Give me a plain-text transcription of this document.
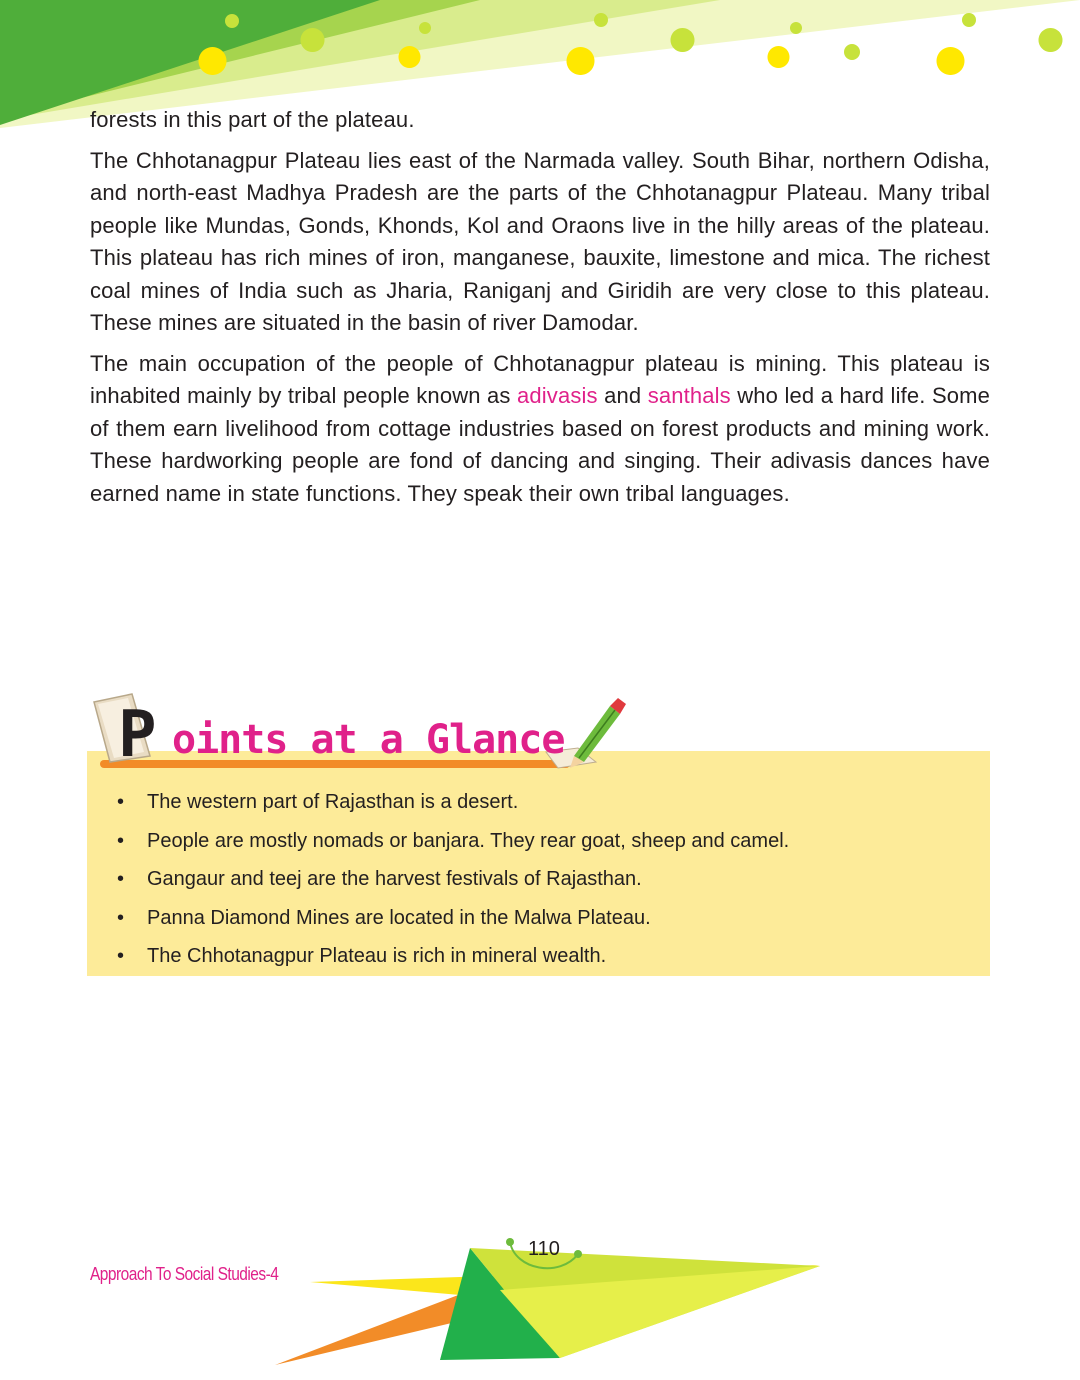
forests in this part of the plateau.

The Chhotanagpur Plateau lies east of the Narmada valley. South Bihar, northern Odisha, and north-east Madhya Pradesh are the parts of the Chhotanagpur Plateau. Many tribal people like Mundas, Gonds, Khonds, Kol and Oraons live in the hilly areas of the plateau. This plateau has rich mines of iron, manganese, bauxite, limestone and mica. The richest coal mines of India such as Jharia, Raniganj and Giridih are very close to this plateau. These mines are situated in the basin of river Damodar.

The main occupation of the people of Chhotanagpur plateau is mining. This plateau is inhabited mainly by tribal people known as adivasis and santhals who led a hard life. Some of them earn livelihood from cottage industries based on forest products and mining work. These hardworking people are fond of dancing and singing. Their adivasis dances have earned name in state functions. They speak their own tribal languages.

• The western part of Rajasthan is a desert.
• People are mostly nomads or banjara. They rear goat, sheep and camel.
• Gangaur and teej are the harvest festivals of Rajasthan.
• Panna Diamond Mines are located in the Malwa Plateau.
• The Chhotanagpur Plateau is rich in mineral wealth.
P oints at a Glance
Approach To Social Studies-4
110
